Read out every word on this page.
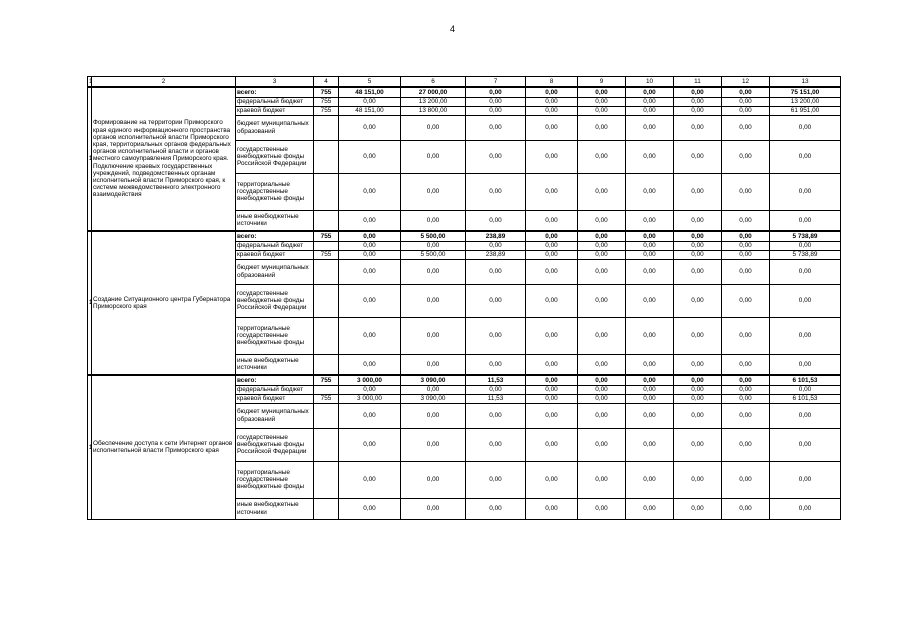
4
	2	3	4	5	6	7	8	9	10	11	12	13
	Формирование на территории Приморского края единого информационного пространства органов исполнительной власти Приморского края, территориальных органов федеральных органов исполнительной власти и органов местного самоуправления Приморского края. Подключение краевых государственных учреждений, подведомственных органам исполнительной власти Приморского края, к системе межведомственного электронного взаимодействия	всего:	755	48 151,00	27 000,00	0,00	0,00	0,00	0,00	0,00	0,00	75 151,00
		федеральный бюджет	755	0,00	13 200,00	0,00	0,00	0,00	0,00	0,00	0,00	13 200,00
		краевой бюджет	755	48 151,00	13 800,00	0,00	0,00	0,00	0,00	0,00	0,00	61 951,00
		бюджет муниципальных образований		0,00	0,00	0,00	0,00	0,00	0,00	0,00	0,00	0,00
		государственные внебюджетные фонды Российской Федерации		0,00	0,00	0,00	0,00	0,00	0,00	0,00	0,00	0,00
		территориальные государственные внебюджетные фонды		0,00	0,00	0,00	0,00	0,00	0,00	0,00	0,00	0,00
		иные внебюджетные источники		0,00	0,00	0,00	0,00	0,00	0,00	0,00	0,00	0,00
	Создание Ситуационного центра Губернатора Приморского края	всего:	755	0,00	5 500,00	238,89	0,00	0,00	0,00	0,00	0,00	5 738,89
		федеральный бюджет		0,00	0,00	0,00	0,00	0,00	0,00	0,00	0,00	0,00
		краевой бюджет	755	0,00	5 500,00	238,89	0,00	0,00	0,00	0,00	0,00	5 738,89
		бюджет муниципальных образований		0,00	0,00	0,00	0,00	0,00	0,00	0,00	0,00	0,00
		государственные внебюджетные фонды Российской Федерации		0,00	0,00	0,00	0,00	0,00	0,00	0,00	0,00	0,00
		территориальные государственные внебюджетные фонды		0,00	0,00	0,00	0,00	0,00	0,00	0,00	0,00	0,00
		иные внебюджетные источники		0,00	0,00	0,00	0,00	0,00	0,00	0,00	0,00	0,00
	Обеспечение доступа к сети Интернет органов исполнительной власти Приморского края	всего:	755	3 000,00	3 090,00	11,53	0,00	0,00	0,00	0,00	0,00	6 101,53
		федеральный бюджет		0,00	0,00	0,00	0,00	0,00	0,00	0,00	0,00	0,00
		краевой бюджет	755	3 000,00	3 090,00	11,53	0,00	0,00	0,00	0,00	0,00	6 101,53
		бюджет муниципальных образований		0,00	0,00	0,00	0,00	0,00	0,00	0,00	0,00	0,00
		государственные внебюджетные фонды Российской Федерации		0,00	0,00	0,00	0,00	0,00	0,00	0,00	0,00	0,00
		территориальные государственные внебюджетные фонды		0,00	0,00	0,00	0,00	0,00	0,00	0,00	0,00	0,00
		иные внебюджетные источники		0,00	0,00	0,00	0,00	0,00	0,00	0,00	0,00	0,00
